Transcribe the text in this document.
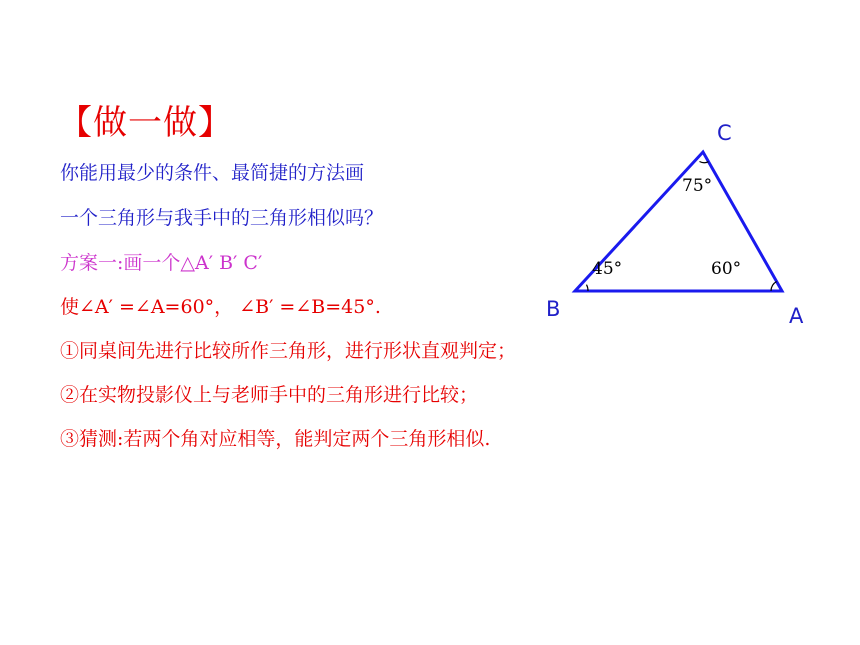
【做一做】
你能用最少的条件、最简捷的方法画
一个三角形与我手中的三角形相似吗？
方案一:画一个△A′ B′ C′
使∠A′ =∠A=60°， ∠B′ =∠B=45°.
①同桌间先进行比较所作三角形，进行形状直观判定；
②在实物投影仪上与老师手中的三角形进行比较；
③猜测:若两个角对应相等，能判定两个三角形相似.
C
B	A
75°
45°	60°
